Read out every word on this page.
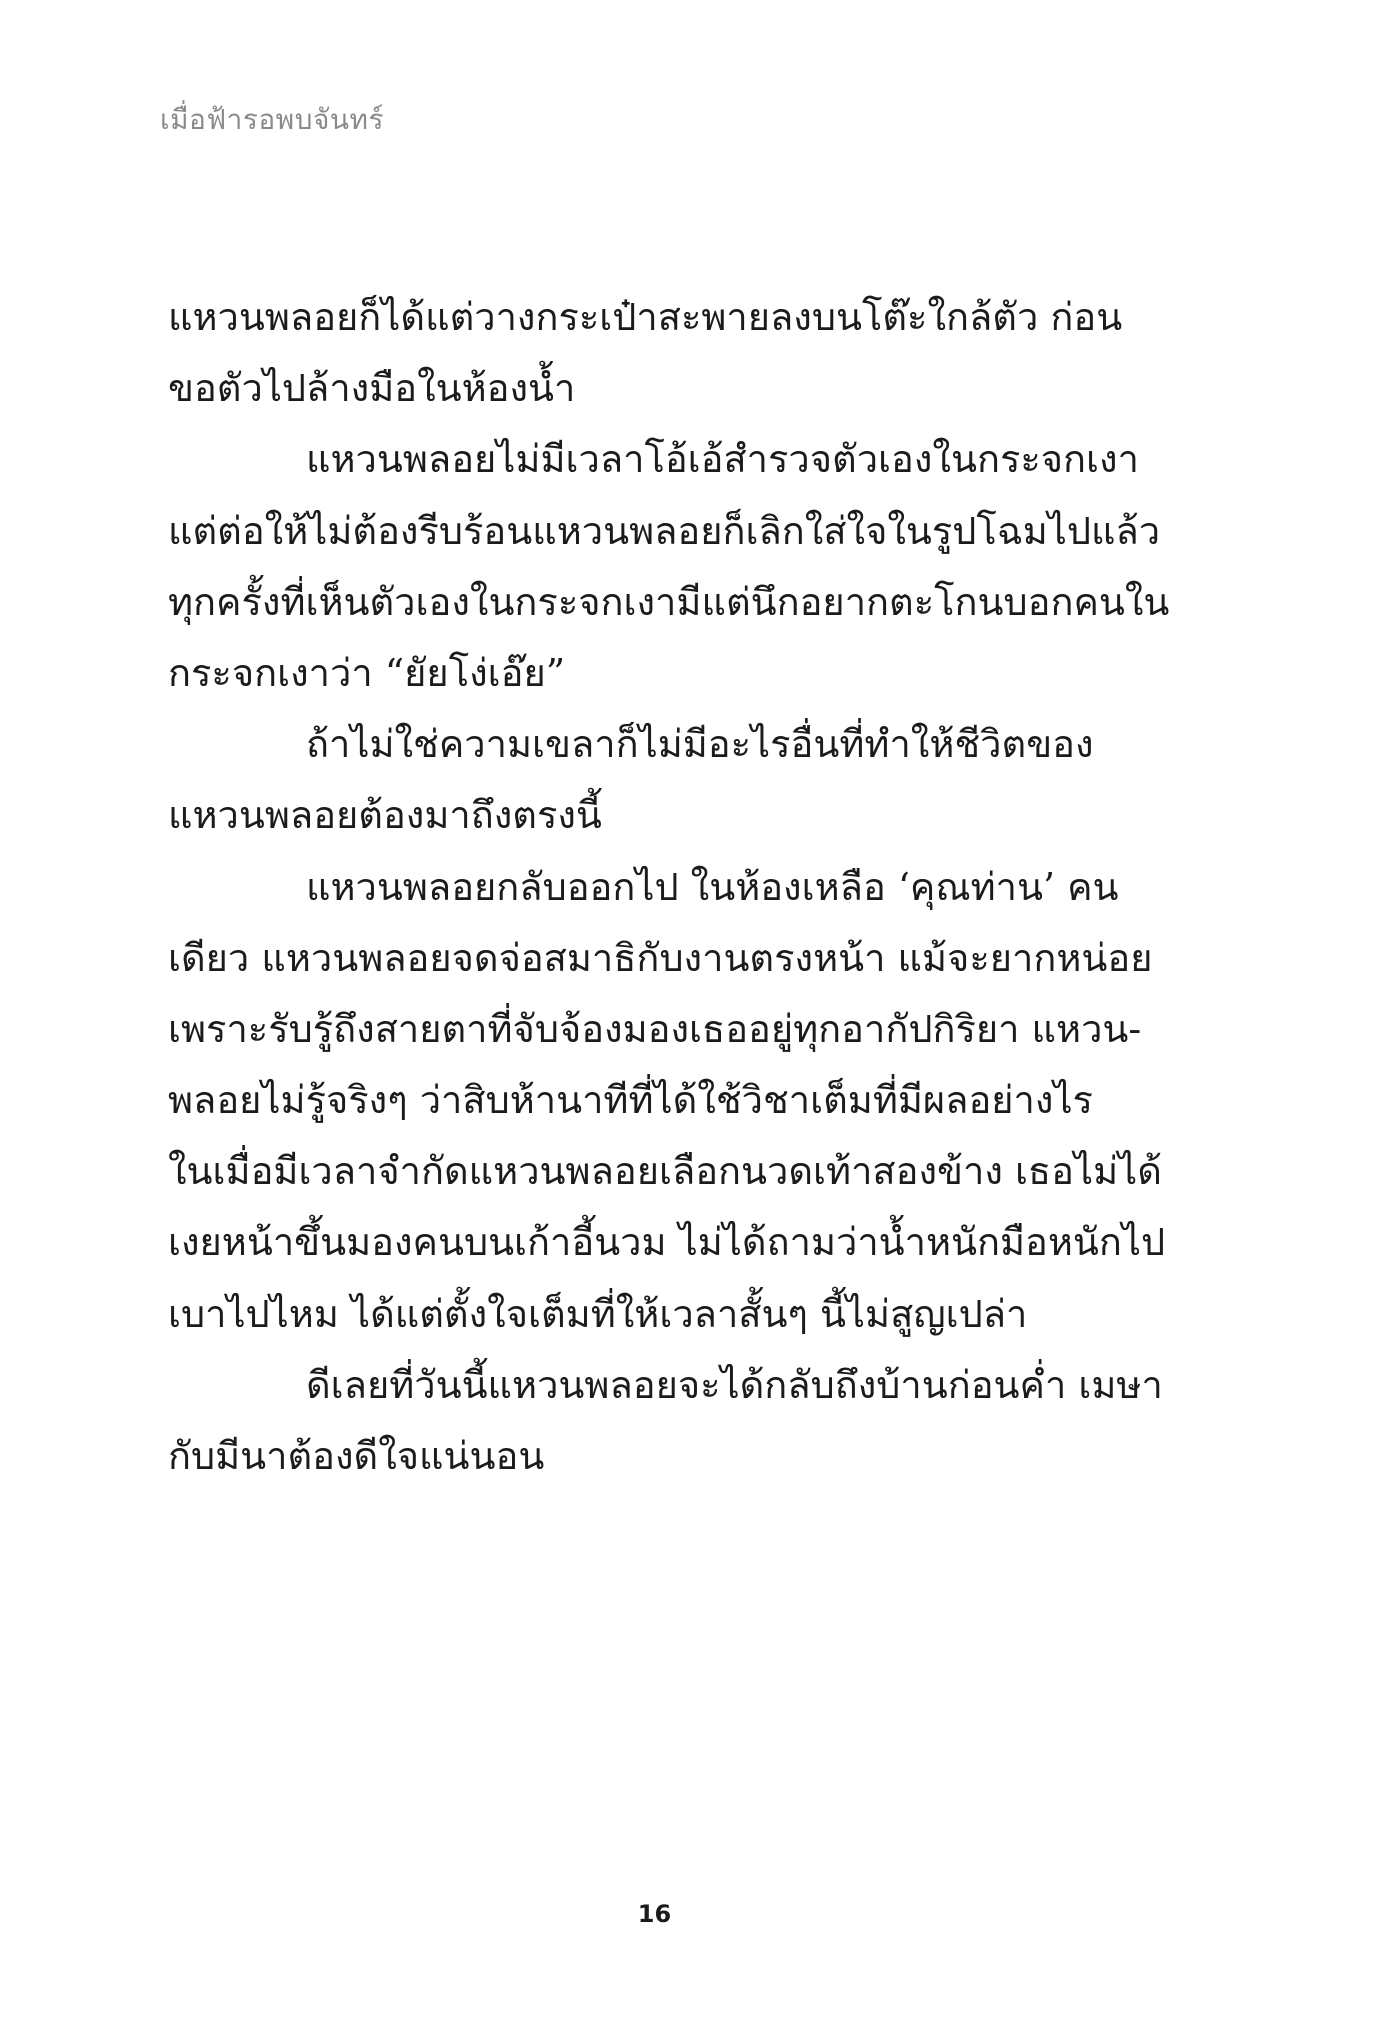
เมื่อฟ้ารอพบจันทร์
แหวนพลอยก็ได้แต่วางกระเป๋าสะพายลงบนโต๊ะใกล้ตัว ก่อน
ขอตัวไปล้างมือในห้องน้ำ
แหวนพลอยไม่มีเวลาโอ้เอ้สำรวจตัวเองในกระจกเงา
แต่ต่อให้ไม่ต้องรีบร้อนแหวนพลอยก็เลิกใส่ใจในรูปโฉมไปแล้ว
ทุกครั้งที่เห็นตัวเองในกระจกเงามีแต่นึกอยากตะโกนบอกคนใน
กระจกเงาว่า “ยัยโง่เอ๊ย”
ถ้าไม่ใช่ความเขลาก็ไม่มีอะไรอื่นที่ทำให้ชีวิตของ
แหวนพลอยต้องมาถึงตรงนี้
แหวนพลอยกลับออกไป ในห้องเหลือ ‘คุณท่าน’ คน
เดียว แหวนพลอยจดจ่อสมาธิกับงานตรงหน้า แม้จะยากหน่อย
เพราะรับรู้ถึงสายตาที่จับจ้องมองเธออยู่ทุกอากัปกิริยา แหวน-
พลอยไม่รู้จริงๆ ว่าสิบห้านาทีที่ได้ใช้วิชาเต็มที่มีผลอย่างไร
ในเมื่อมีเวลาจำกัดแหวนพลอยเลือกนวดเท้าสองข้าง เธอไม่ได้
เงยหน้าขึ้นมองคนบนเก้าอี้นวม ไม่ได้ถามว่าน้ำหนักมือหนักไป
เบาไปไหม ได้แต่ตั้งใจเต็มที่ให้เวลาสั้นๆ นี้ไม่สูญเปล่า
ดีเลยที่วันนี้แหวนพลอยจะได้กลับถึงบ้านก่อนค่ำ เมษา
กับมีนาต้องดีใจแน่นอน
16
